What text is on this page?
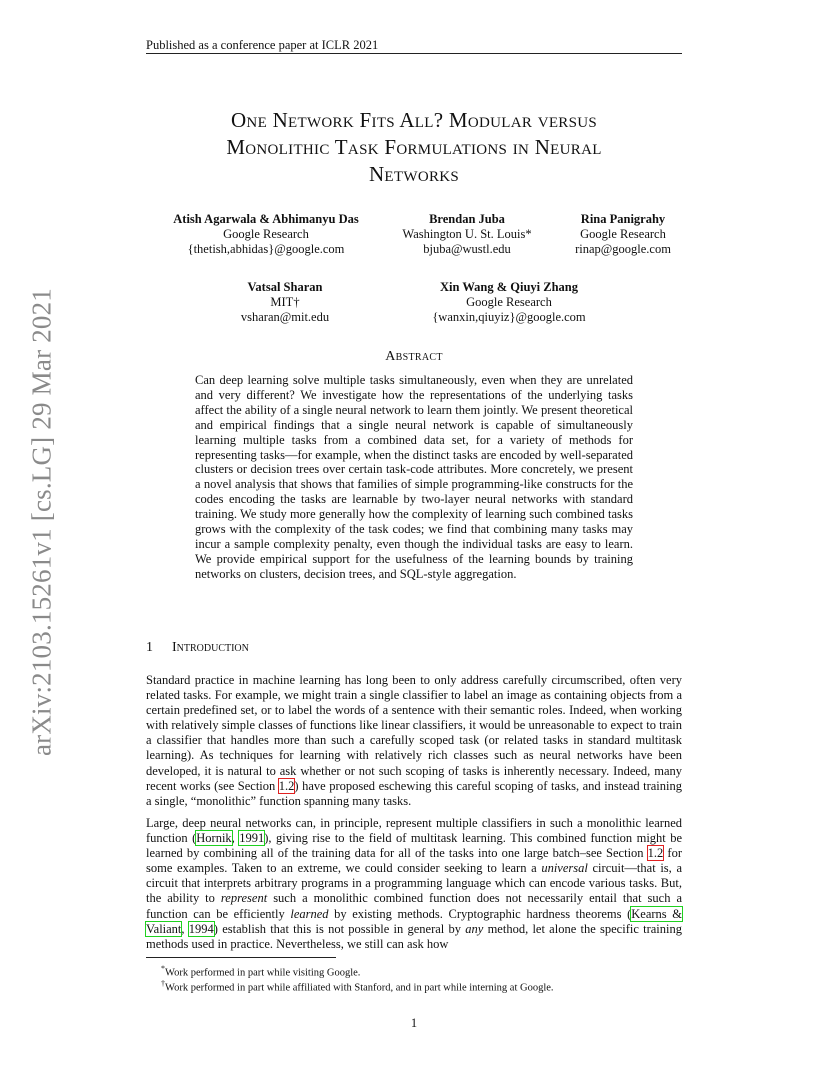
arXiv:2103.15261v1 [cs.LG] 29 Mar 2021
Published as a conference paper at ICLR 2021
One Network Fits All? Modular versus
Monolithic Task Formulations in Neural
Networks
Atish Agarwala & Abhimanyu Das
Google Research
{thetish,abhidas}@google.com
Brendan Juba
Washington U. St. Louis*
bjuba@wustl.edu
Rina Panigrahy
Google Research
rinap@google.com
Vatsal Sharan
MIT†
vsharan@mit.edu
Xin Wang & Qiuyi Zhang
Google Research
{wanxin,qiuyiz}@google.com
Abstract
Can deep learning solve multiple tasks simultaneously, even when they are unrelated and very different? We investigate how the representations of the underlying tasks affect the ability of a single neural network to learn them jointly. We present theoretical and empirical findings that a single neural network is capable of simultaneously learning multiple tasks from a combined data set, for a variety of methods for representing tasks—for example, when the distinct tasks are encoded by well-separated clusters or decision trees over certain task-code attributes. More concretely, we present a novel analysis that shows that families of simple programming-like constructs for the codes encoding the tasks are learnable by two-layer neural networks with standard training. We study more generally how the complexity of learning such combined tasks grows with the complexity of the task codes; we find that combining many tasks may incur a sample complexity penalty, even though the individual tasks are easy to learn. We provide empirical support for the usefulness of the learning bounds by training networks on clusters, decision trees, and SQL-style aggregation.
1 Introduction
Standard practice in machine learning has long been to only address carefully circumscribed, often very related tasks. For example, we might train a single classifier to label an image as containing objects from a certain predefined set, or to label the words of a sentence with their semantic roles. Indeed, when working with relatively simple classes of functions like linear classifiers, it would be unreasonable to expect to train a classifier that handles more than such a carefully scoped task (or related tasks in standard multitask learning). As techniques for learning with relatively rich classes such as neural networks have been developed, it is natural to ask whether or not such scoping of tasks is inherently necessary. Indeed, many recent works (see Section 1.2) have proposed eschewing this careful scoping of tasks, and instead training a single, “monolithic” function spanning many tasks.
Large, deep neural networks can, in principle, represent multiple classifiers in such a monolithic learned function (Hornik, 1991), giving rise to the field of multitask learning. This combined function might be learned by combining all of the training data for all of the tasks into one large batch–see Section 1.2 for some examples. Taken to an extreme, we could consider seeking to learn a universal circuit—that is, a circuit that interprets arbitrary programs in a programming language which can encode various tasks. But, the ability to represent such a monolithic combined function does not necessarily entail that such a function can be efficiently learned by existing methods. Cryptographic hardness theorems (Kearns & Valiant, 1994) establish that this is not possible in general by any method, let alone the specific training methods used in practice. Nevertheless, we still can ask how
*Work performed in part while visiting Google.
†Work performed in part while affiliated with Stanford, and in part while interning at Google.
1
